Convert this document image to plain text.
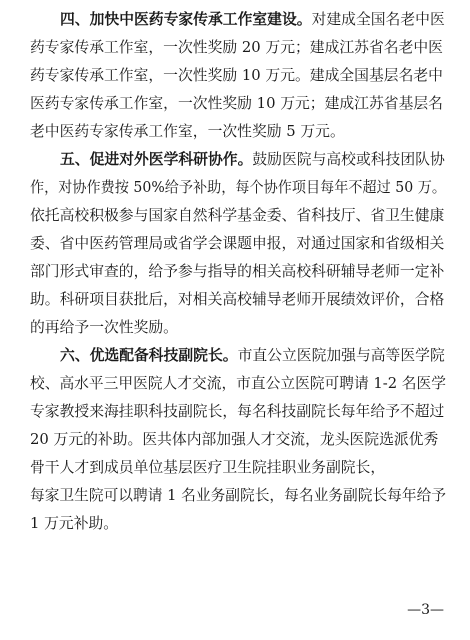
四、加快中医药专家传承工作室建设。对建成全国名老中医
药专家传承工作室，一次性奖励 20 万元；建成江苏省名老中医
药专家传承工作室，一次性奖励 10 万元。建成全国基层名老中
医药专家传承工作室，一次性奖励 10 万元；建成江苏省基层名
老中医药专家传承工作室，一次性奖励 5 万元。
五、促进对外医学科研协作。鼓励医院与高校或科技团队协
作，对协作费按 50%给予补助，每个协作项目每年不超过 50 万。
依托高校积极参与国家自然科学基金委、省科技厅、省卫生健康
委、省中医药管理局或省学会课题申报，对通过国家和省级相关
部门形式审查的，给予参与指导的相关高校科研辅导老师一定补
助。科研项目获批后，对相关高校辅导老师开展绩效评价，合格
的再给予一次性奖励。
六、优选配备科技副院长。市直公立医院加强与高等医学院
校、高水平三甲医院人才交流，市直公立医院可聘请 1-2 名医学
专家教授来海挂职科技副院长，每名科技副院长每年给予不超过
20 万元的补助。医共体内部加强人才交流，龙头医院选派优秀
骨干人才到成员单位基层医疗卫生院挂职业务副院长，
每家卫生院可以聘请 1 名业务副院长，每名业务副院长每年给予
1 万元补助。
—3—
